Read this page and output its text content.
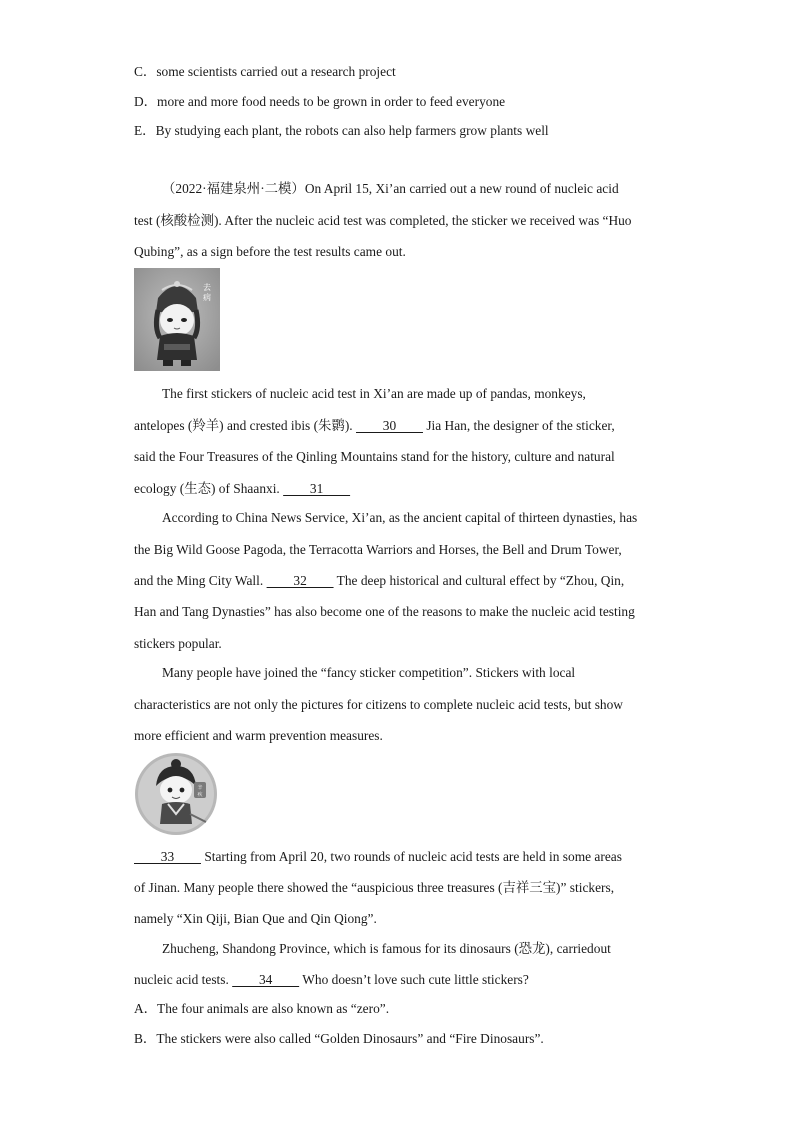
C．some scientists carried out a research project
D．more and more food needs to be grown in order to feed everyone
E．By studying each plant, the robots can also help farmers grow plants well
（2022·福建泉州·二模）On April 15, Xi’an carried out a new round of nucleic acid
test (核酸检测). After the nucleic acid test was completed, the sticker we received was “Huo
Qubing”, as a sign before the test results came out.
去
病
The first stickers of nucleic acid test in Xi’an are made up of pandas, monkeys,
antelopes (羚羊) and crested ibis (朱鹮). 　　30　　 Jia Han, the designer of the sticker,
said the Four Treasures of the Qinling Mountains stand for the history, culture and natural
ecology (生态) of Shaanxi. 　　31　　
According to China News Service, Xi’an, as the ancient capital of thirteen dynasties, has
the Big Wild Goose Pagoda, the Terracotta Warriors and Horses, the Bell and Drum Tower,
and the Ming City Wall. 　　32　　 The deep historical and cultural effect by “Zhou, Qin,
Han and Tang Dynasties” has also become one of the reasons to make the nucleic acid testing
stickers popular.
Many people have joined the “fancy sticker competition”. Stickers with local
characteristics are not only the pictures for citizens to complete nucleic acid tests, but show
more efficient and warm prevention measures.
辛
疾
　　33　　 Starting from April 20, two rounds of nucleic acid tests are held in some areas
of Jinan. Many people there showed the “auspicious three treasures (吉祥三宝)” stickers,
namely “Xin Qiji, Bian Que and Qin Qiong”.
Zhucheng, Shandong Province, which is famous for its dinosaurs (恐龙), carriedout
nucleic acid tests. 　　34　　 Who doesn’t love such cute little stickers?
A．The four animals are also known as “zero”.
B．The stickers were also called “Golden Dinosaurs” and “Fire Dinosaurs”.
